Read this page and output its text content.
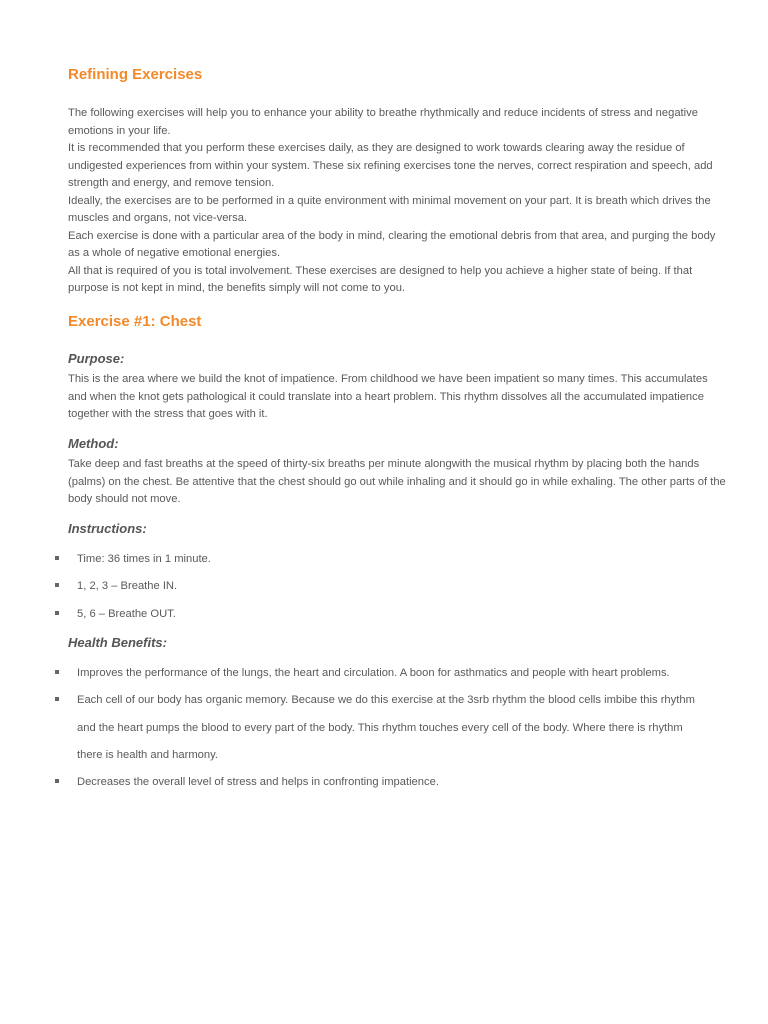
Refining Exercises

The following exercises will help you to enhance your ability to breathe rhythmically and reduce incidents of stress and negative emotions in your life.

It is recommended that you perform these exercises daily, as they are designed to work towards clearing away the residue of undigested experiences from within your system. These six refining exercises tone the nerves, correct respiration and speech, add strength and energy, and remove tension.

Ideally, the exercises are to be performed in a quite environment with minimal movement on your part. It is breath which drives the muscles and organs, not vice-versa.

Each exercise is done with a particular area of the body in mind, clearing the emotional debris from that area, and purging the body as a whole of negative emotional energies.

All that is required of you is total involvement. These exercises are designed to help you achieve a higher state of being. If that purpose is not kept in mind, the benefits simply will not come to you.

Exercise #1: Chest
Purpose:

This is the area where we build the knot of impatience. From childhood we have been impatient so many times. This accumulates and when the knot gets pathological it could translate into a heart problem. This rhythm dissolves all the accumulated impatience together with the stress that goes with it.

Method:

Take deep and fast breaths at the speed of thirty-six breaths per minute alongwith the musical rhythm by placing both the hands (palms) on the chest. Be attentive that the chest should go out while inhaling and it should go in while exhaling. The other parts of the body should not move.

Instructions:
Time: 36 times in 1 minute.
1, 2, 3 – Breathe IN.
5, 6 – Breathe OUT.
Health Benefits:
Improves the performance of the lungs, the heart and circulation. A boon for asthmatics and people with heart problems.
Each cell of our body has organic memory. Because we do this exercise at the 3srb rhythm the blood cells imbibe this rhythm and the heart pumps the blood to every part of the body. This rhythm touches every cell of the body. Where there is rhythm there is health and harmony.
Decreases the overall level of stress and helps in confronting impatience.
